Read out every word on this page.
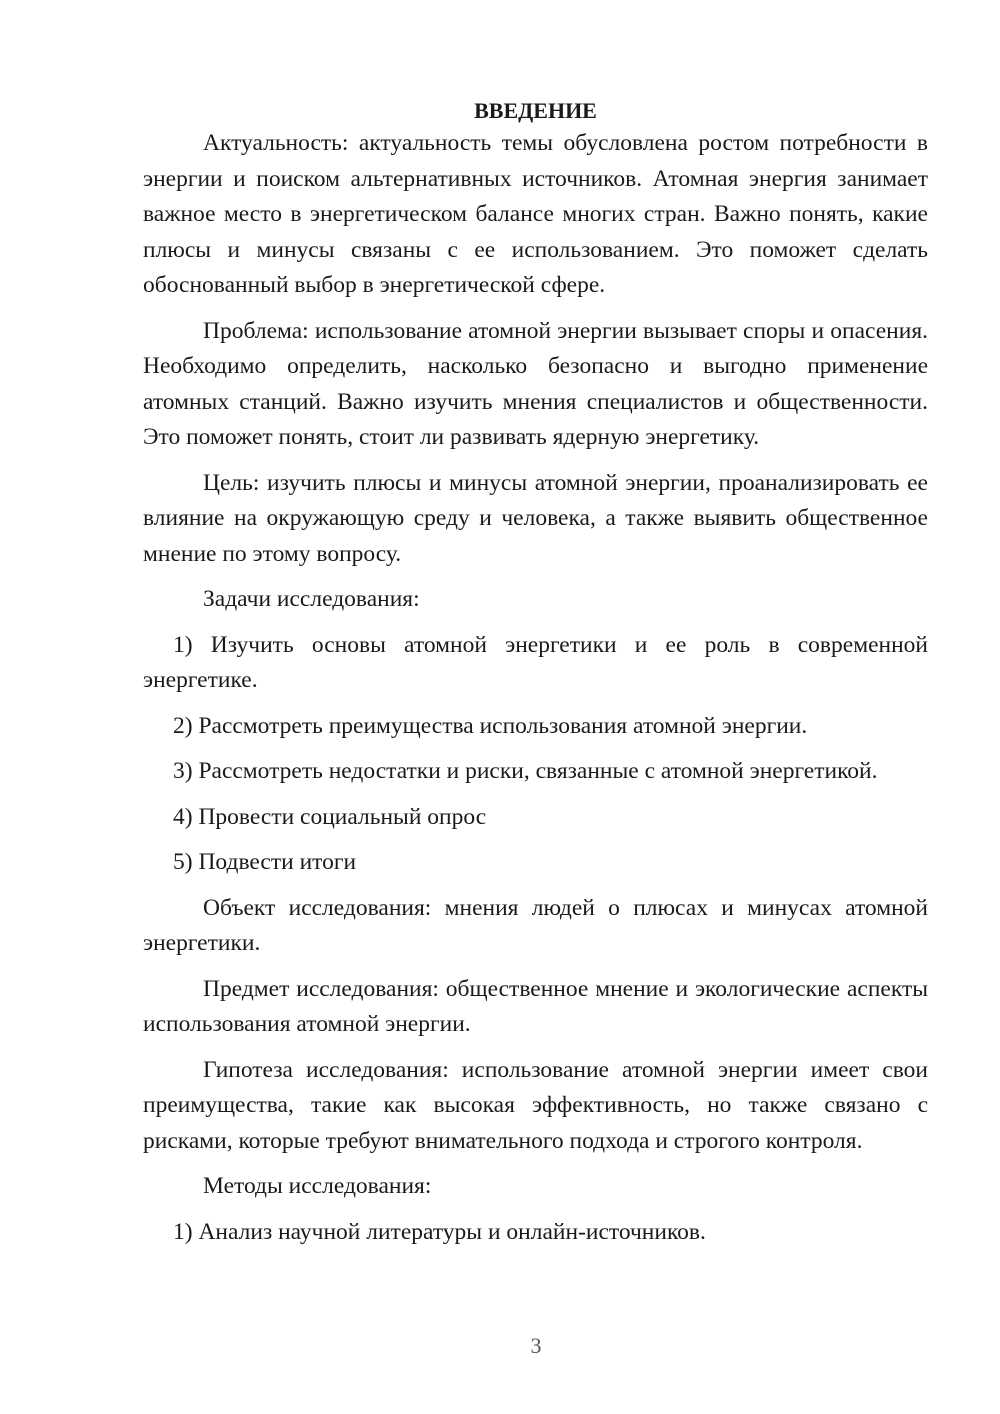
ВВЕДЕНИЕ

Актуальность: актуальность темы обусловлена ростом потребности в энергии и поиском альтернативных источников. Атомная энергия занимает важное место в энергетическом балансе многих стран. Важно понять, какие плюсы и минусы связаны с ее использованием. Это поможет сделать обоснованный выбор в энергетической сфере.

Проблема: использование атомной энергии вызывает споры и опасения. Необходимо определить, насколько безопасно и выгодно применение атомных станций. Важно изучить мнения специалистов и общественности. Это поможет понять, стоит ли развивать ядерную энергетику.

Цель: изучить плюсы и минусы атомной энергии, проанализировать ее влияние на окружающую среду и человека, а также выявить общественное мнение по этому вопросу.

Задачи исследования:

1) Изучить основы атомной энергетики и ее роль в современной энергетике.

2) Рассмотреть преимущества использования атомной энергии.

3) Рассмотреть недостатки и риски, связанные с атомной энергетикой.

4) Провести социальный опрос

5) Подвести итоги

Объект исследования: мнения людей о плюсах и минусах атомной энергетики.

Предмет исследования: общественное мнение и экологические аспекты использования атомной энергии.

Гипотеза исследования: использование атомной энергии имеет свои преимущества, такие как высокая эффективность, но также связано с рисками, которые требуют внимательного подхода и строгого контроля.

Методы исследования:

1) Анализ научной литературы и онлайн-источников.

3
